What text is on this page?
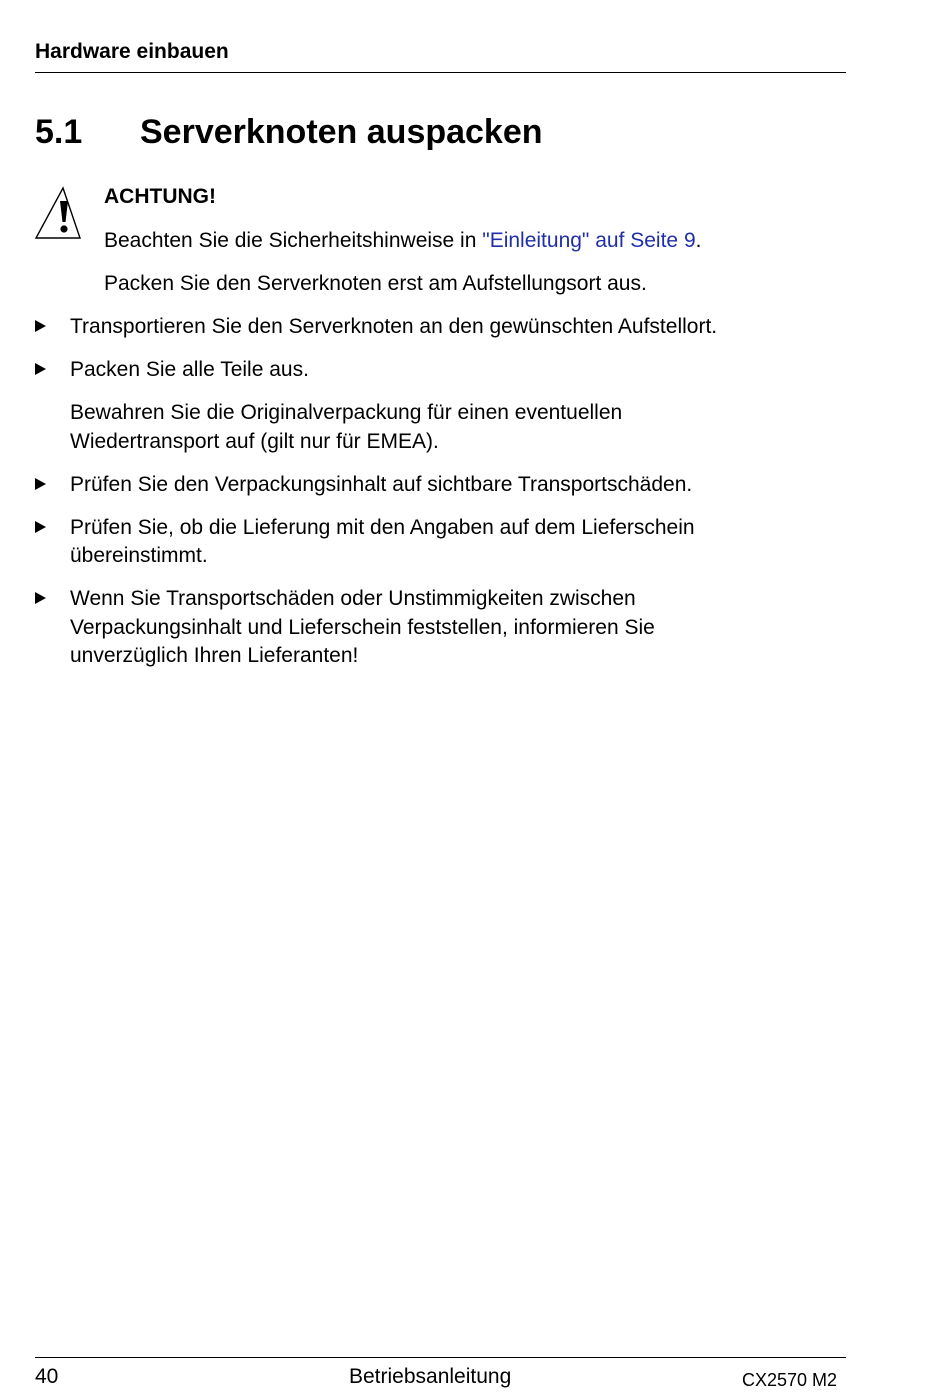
Hardware einbauen
5.1 Serverknoten auspacken
ACHTUNG!

Beachten Sie die Sicherheitshinweise in "Einleitung" auf Seite 9.

Packen Sie den Serverknoten erst am Aufstellungsort aus.

Transportieren Sie den Serverknoten an den gewünschten Aufstellort.

Packen Sie alle Teile aus.

Bewahren Sie die Originalverpackung für einen eventuellen

Wiedertransport auf (gilt nur für EMEA).

Prüfen Sie den Verpackungsinhalt auf sichtbare Transportschäden.

Prüfen Sie, ob die Lieferung mit den Angaben auf dem Lieferschein

übereinstimmt.

Wenn Sie Transportschäden oder Unstimmigkeiten zwischen

Verpackungsinhalt und Lieferschein feststellen, informieren Sie

unverzüglich Ihren Lieferanten!

40	Betriebsanleitung	CX2570 M2
